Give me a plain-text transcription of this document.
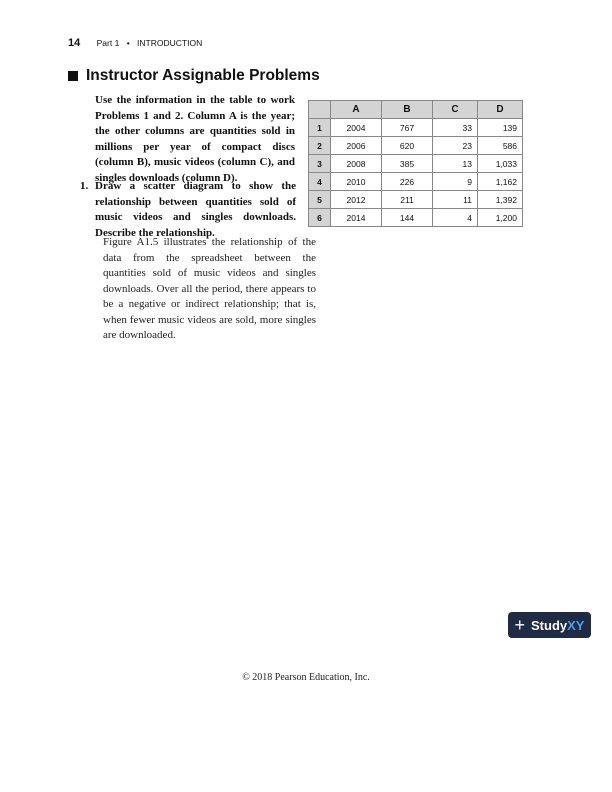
14 Part 1 • INTRODUCTION
Instructor Assignable Problems
Use the information in the table to work Problems 1 and 2. Column A is the year; the other columns are quantities sold in millions per year of compact discs (column B), music videos (column C), and singles downloads (column D).
	A	B	C	D
1	2004	767	33	139
2	2006	620	23	586
3	2008	385	13	1,033
4	2010	226	9	1,162
5	2012	211	11	1,392
6	2014	144	4	1,200
1. Draw a scatter diagram to show the relationship between quantities sold of music videos and singles downloads. Describe the relationship.
Figure A1.5 illustrates the relationship of the data from the spreadsheet between the quantities sold of music videos and singles downloads. Over all the period, there appears to be a negative or indirect relationship; that is, when fewer music videos are sold, more singles are downloaded.
+ StudyXY
© 2018 Pearson Education, Inc.
